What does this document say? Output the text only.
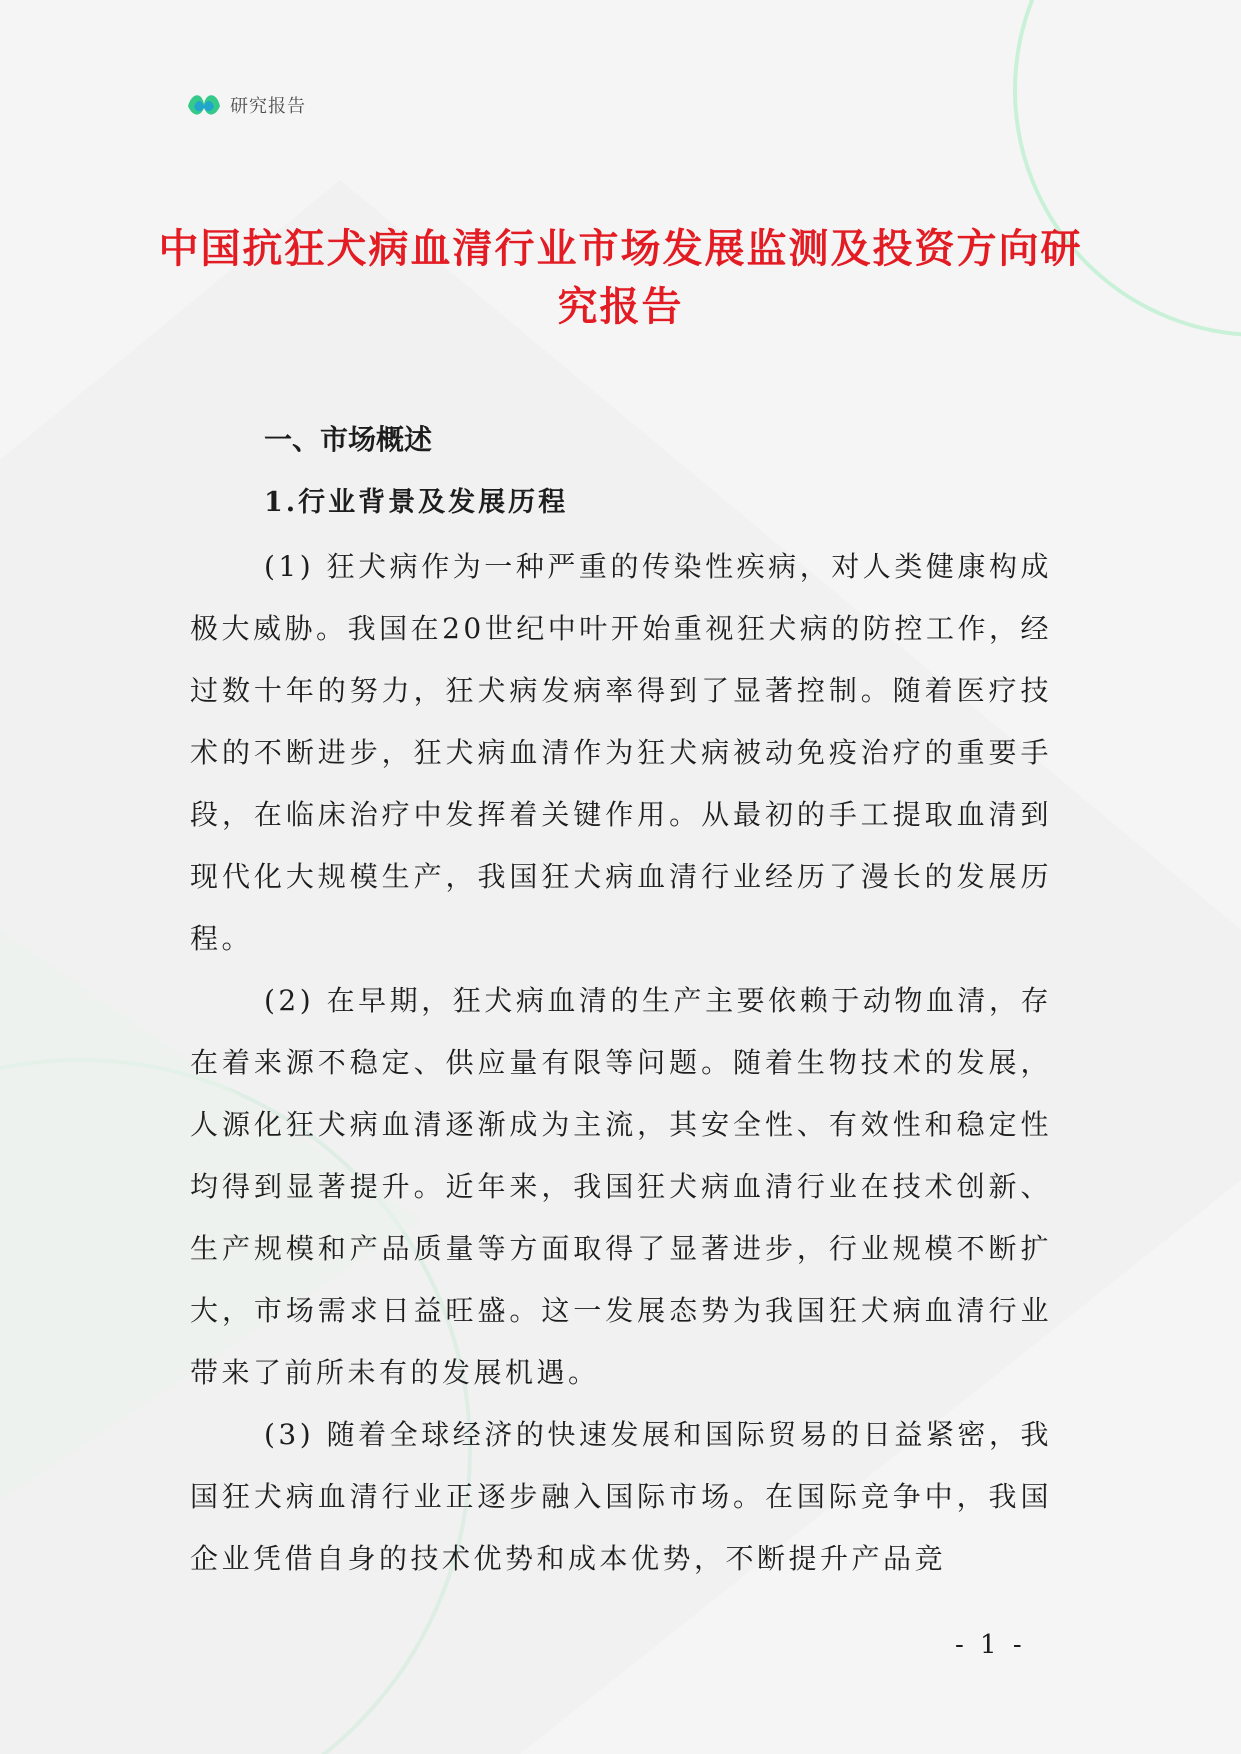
研究报告
中国抗狂犬病血清行业市场发展监测及投资方向研究报告
一、市场概述
1.行业背景及发展历程

(1) 狂犬病作为一种严重的传染性疾病，对人类健康构成极大威胁。我国在20世纪中叶开始重视狂犬病的防控工作，经过数十年的努力，狂犬病发病率得到了显著控制。随着医疗技术的不断进步，狂犬病血清作为狂犬病被动免疫治疗的重要手段，在临床治疗中发挥着关键作用。从最初的手工提取血清到现代化大规模生产，我国狂犬病血清行业经历了漫长的发展历程。

(2) 在早期，狂犬病血清的生产主要依赖于动物血清，存在着来源不稳定、供应量有限等问题。随着生物技术的发展，人源化狂犬病血清逐渐成为主流，其安全性、有效性和稳定性均得到显著提升。近年来，我国狂犬病血清行业在技术创新、生产规模和产品质量等方面取得了显著进步，行业规模不断扩大，市场需求日益旺盛。这一发展态势为我国狂犬病血清行业带来了前所未有的发展机遇。

(3) 随着全球经济的快速发展和国际贸易的日益紧密，我国狂犬病血清行业正逐步融入国际市场。在国际竞争中，我国企业凭借自身的技术优势和成本优势，不断提升产品竞

- 1 -
